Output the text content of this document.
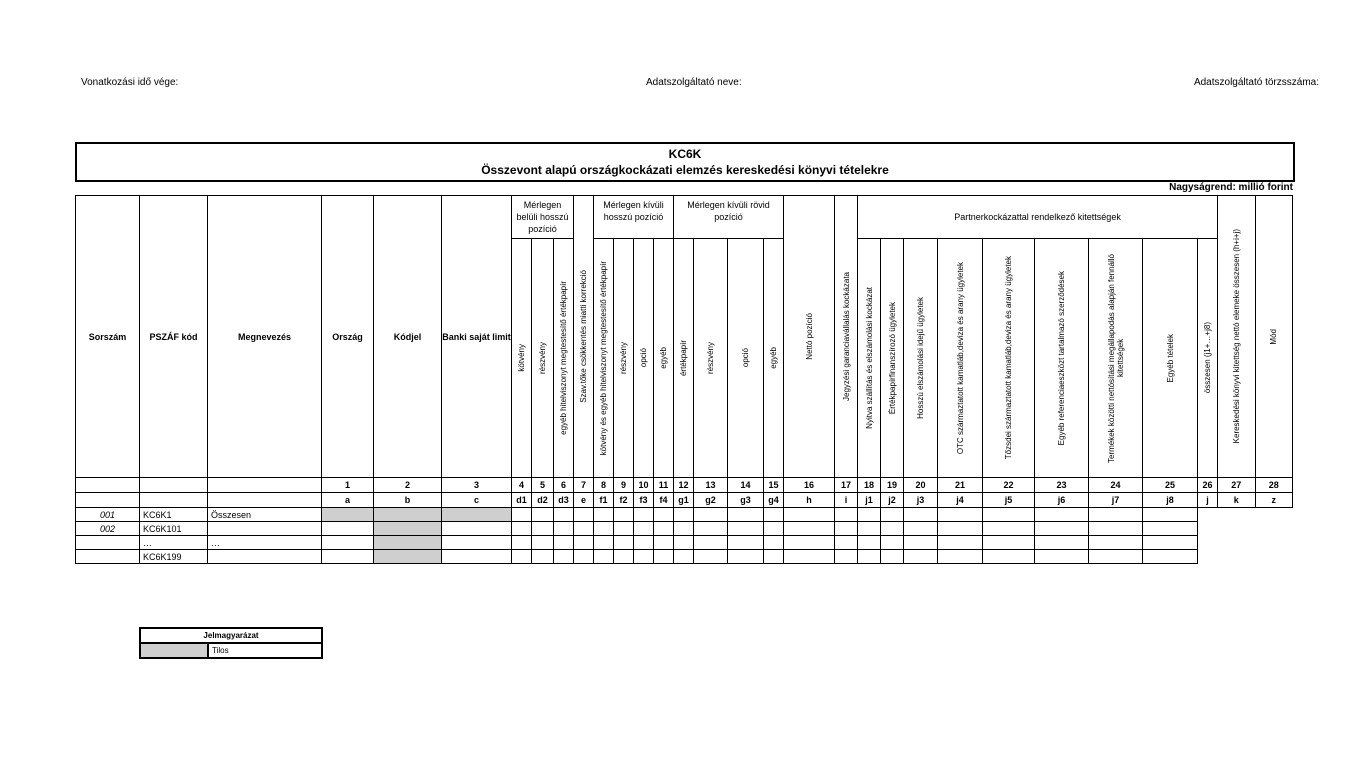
Vonatkozási idő vége:	Adatszolgáltató neve:	Adatszolgáltató törzsszáma:
KC6K
Összevont alapú országkockázati elemzés kereskedési könyvi tételekre
Nagyságrend: millió forint
Sorszám	PSZÁF kód	Megnevezés	Ország	Kódjel	Banki saját limit	Mérlegen belüli hosszú pozíció			Szav.tőke csökkentés miatti korrekció	Mérlegen kívüli hosszú pozíció				Mérlegen kívüli rövid pozíció				Nettó pozíció	Jegyzési garanciavállalás kockázata	Partnerkockázattal rendelkező kitettségek									Kereskedési könyvi kitettség nettó elemeke összesen (h+i+j)	Mód

						kötvény	részvény	egyéb hitelviszonyt megtestesítő értékpapír		kötvény és egyéb hitelviszonyt megtestesítő értékpapír	részvény	opció	egyéb	értékpapír	részvény	opció	egyéb			Nyitva szállítás és elszámolási kockázat	Értékpapírfinanszírozó ügyletek	Hosszú elszámolási idejű ügyletek	OTC származtatott kamatláb,deviza és arany ügyletek	Tőzsdei származtatott kamatláb,deviza és arany ügyletek	Egyéb referenciaeszközt tartalmazó szerződések	Termékek közötti nettósítási megállapodás alapján fennálló kitettségek	Egyéb tételek	összesen (j1+…+j8)		

			1	2	3	4	5	6	7	8	9	10	11	12	13	14	15	16	17	18	19	20	21	22	23	24	25	26	27	28
			a	b	c	d1	d2	d3	e	f1	f2	f3	f4	g1	g2	g3	g4	h	i	j1	j2	j3	j4	j5	j6	j7	j8	j	k	z
001	KC6K1	Összesen																												
002	KC6K101																													
	…	…																												
	KC6K199																													
Jelmagyarázat
	Tilos
